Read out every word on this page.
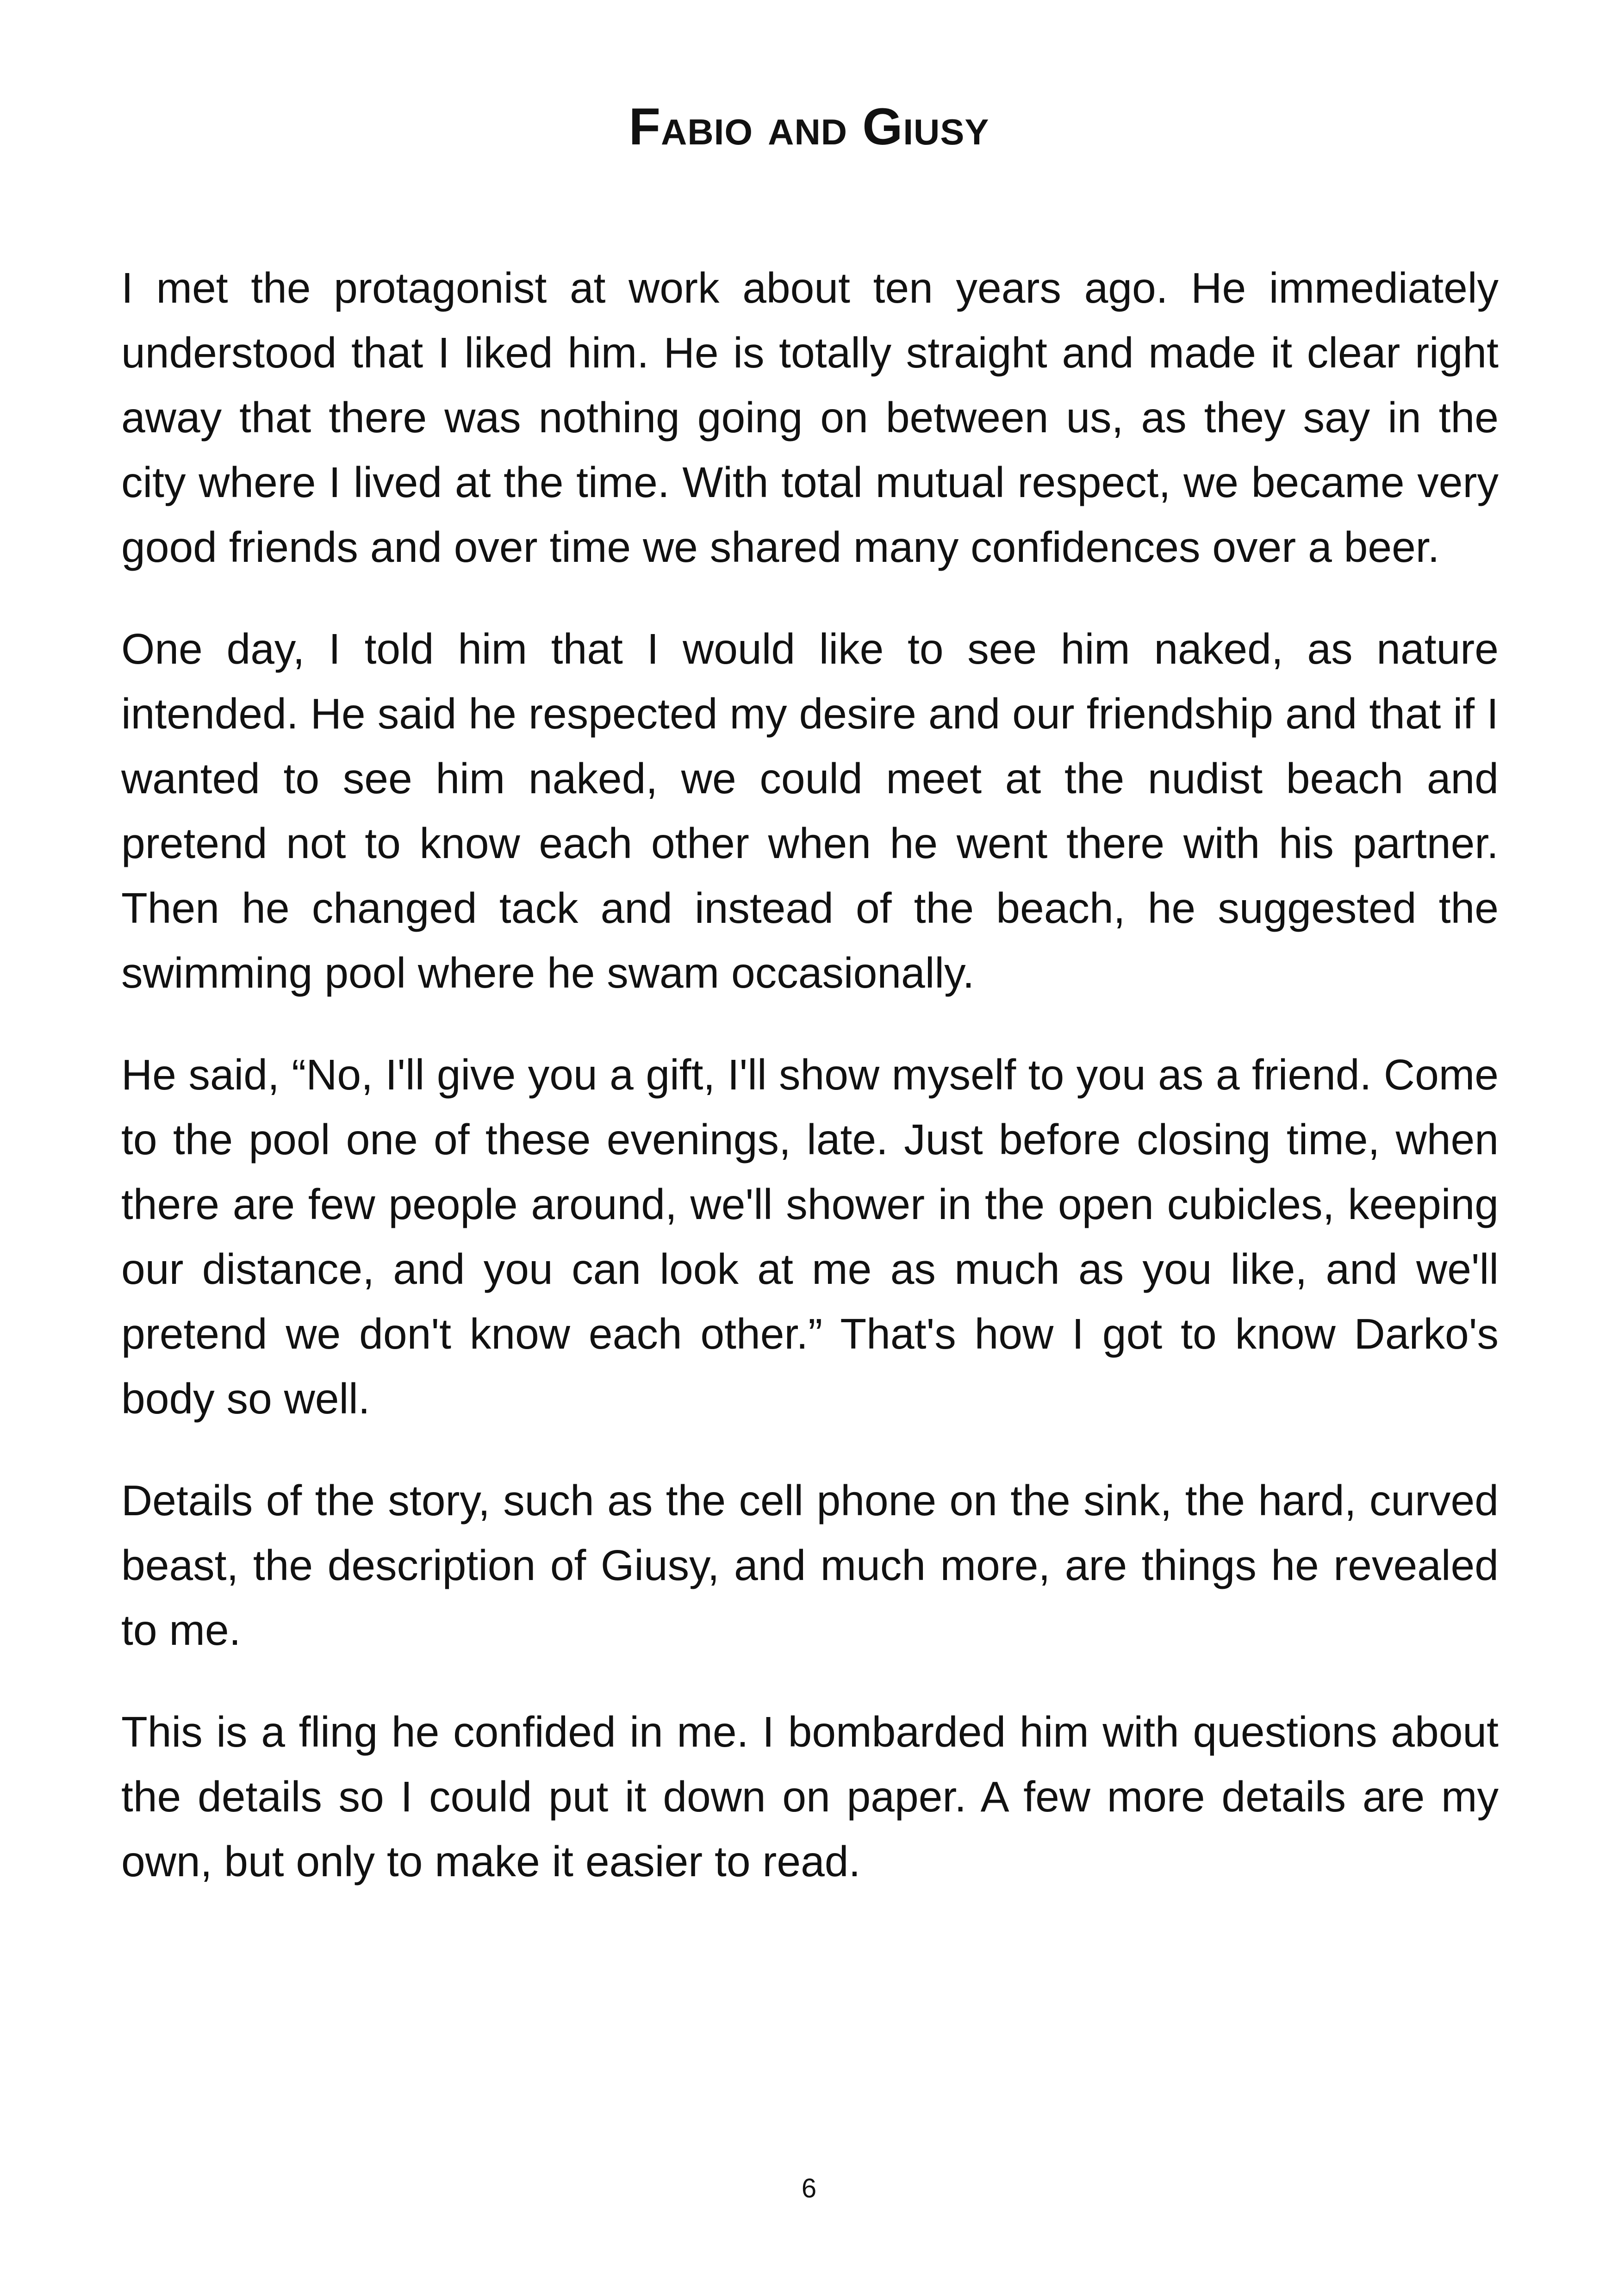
Fabio and Giusy

I met the protagonist at work about ten years ago. He immediately understood that I liked him. He is totally straight and made it clear right away that there was nothing going on between us, as they say in the city where I lived at the time. With total mutual respect, we became very good friends and over time we shared many confidences over a beer.

One day, I told him that I would like to see him naked, as nature intended. He said he respected my desire and our friendship and that if I wanted to see him naked, we could meet at the nudist beach and pretend not to know each other when he went there with his partner. Then he changed tack and instead of the beach, he suggested the swimming pool where he swam occasionally.

He said, “No, I'll give you a gift, I'll show myself to you as a friend. Come to the pool one of these evenings, late. Just before closing time, when there are few people around, we'll shower in the open cubicles, keeping our distance, and you can look at me as much as you like, and we'll pretend we don't know each other.” That's how I got to know Darko's body so well.

Details of the story, such as the cell phone on the sink, the hard, curved beast, the description of Giusy, and much more, are things he revealed to me.

This is a fling he confided in me. I bombarded him with questions about the details so I could put it down on paper. A few more details are my own, but only to make it easier to read.

6
